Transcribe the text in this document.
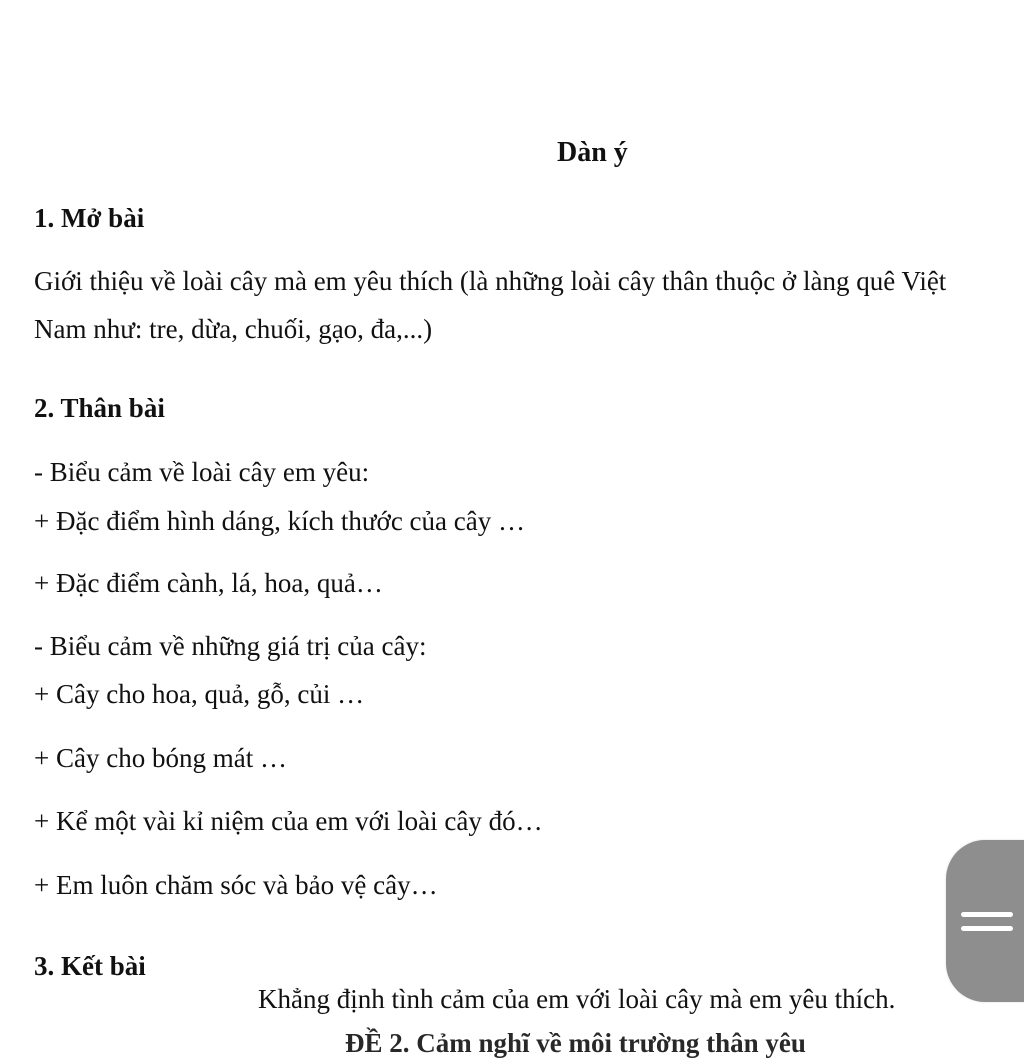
Dàn ý
1. Mở bài
Giới thiệu về loài cây mà em yêu thích (là những loài cây thân thuộc ở làng quê Việt
Nam như: tre, dừa, chuối, gạo, đa,...)
2. Thân bài
- Biểu cảm về loài cây em yêu:
+ Đặc điểm hình dáng, kích thước của cây …
+ Đặc điểm cành, lá, hoa, quả…
- Biểu cảm về những giá trị của cây:
+ Cây cho hoa, quả, gỗ, củi …
+ Cây cho bóng mát …
+ Kể một vài kỉ niệm của em với loài cây đó…
+ Em luôn chăm sóc và bảo vệ cây…
3. Kết bài
Khẳng định tình cảm của em với loài cây mà em yêu thích.
ĐỀ 2. Cảm nghĩ về môi trường thân yêu
